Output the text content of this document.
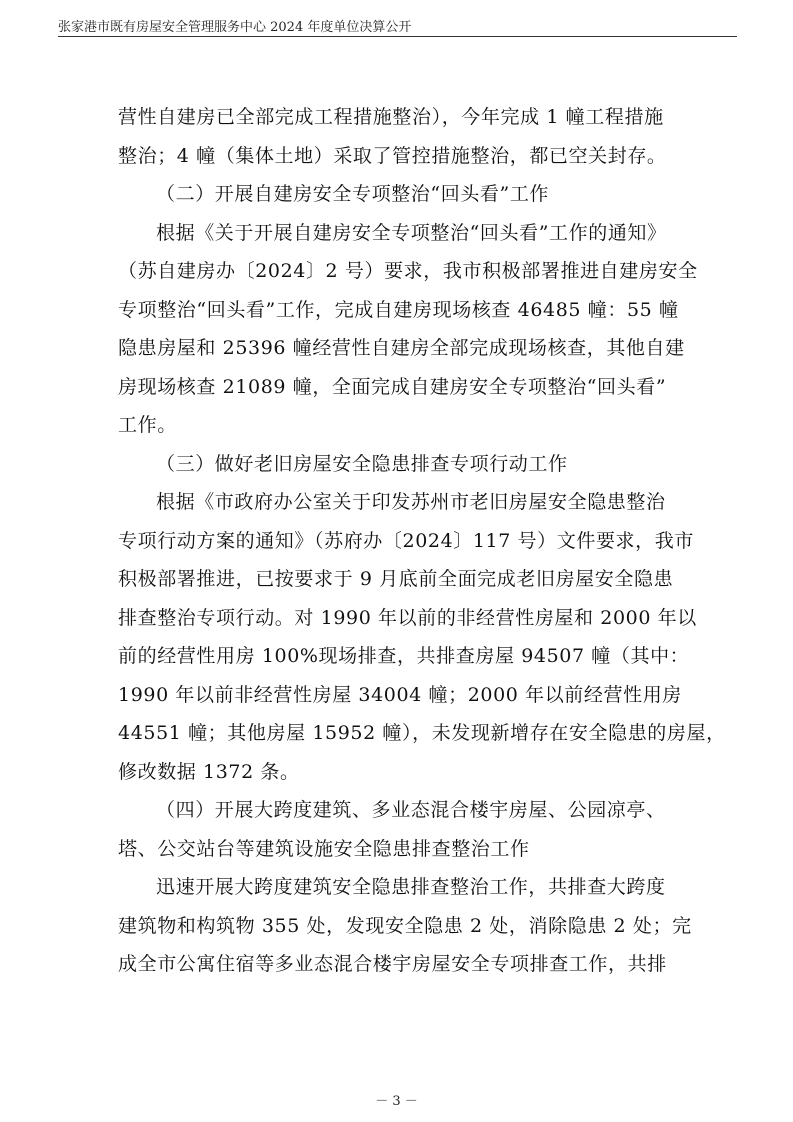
张家港市既有房屋安全管理服务中心 2024 年度单位决算公开
营性自建房已全部完成工程措施整治），今年完成 1 幢工程措施
整治；4 幢（集体土地）采取了管控措施整治，都已空关封存。
（二）开展自建房安全专项整治“回头看”工作
根据《关于开展自建房安全专项整治“回头看”工作的通知》
（苏自建房办〔2024〕2 号）要求，我市积极部署推进自建房安全
专项整治“回头看”工作，完成自建房现场核查 46485 幢：55 幢
隐患房屋和 25396 幢经营性自建房全部完成现场核查，其他自建
房现场核查 21089 幢，全面完成自建房安全专项整治“回头看”
工作。
（三）做好老旧房屋安全隐患排查专项行动工作
根据《市政府办公室关于印发苏州市老旧房屋安全隐患整治
专项行动方案的通知》（苏府办〔2024〕117 号）文件要求，我市
积极部署推进，已按要求于 9 月底前全面完成老旧房屋安全隐患
排查整治专项行动。对 1990 年以前的非经营性房屋和 2000 年以
前的经营性用房 100%现场排查，共排查房屋 94507 幢（其中：
1990 年以前非经营性房屋 34004 幢；2000 年以前经营性用房
44551 幢；其他房屋 15952 幢），未发现新增存在安全隐患的房屋，
修改数据 1372 条。
（四）开展大跨度建筑、多业态混合楼宇房屋、公园凉亭、
塔、公交站台等建筑设施安全隐患排查整治工作
迅速开展大跨度建筑安全隐患排查整治工作，共排查大跨度
建筑物和构筑物 355 处，发现安全隐患 2 处，消除隐患 2 处；完
成全市公寓住宿等多业态混合楼宇房屋安全专项排查工作，共排
－ 3 －
